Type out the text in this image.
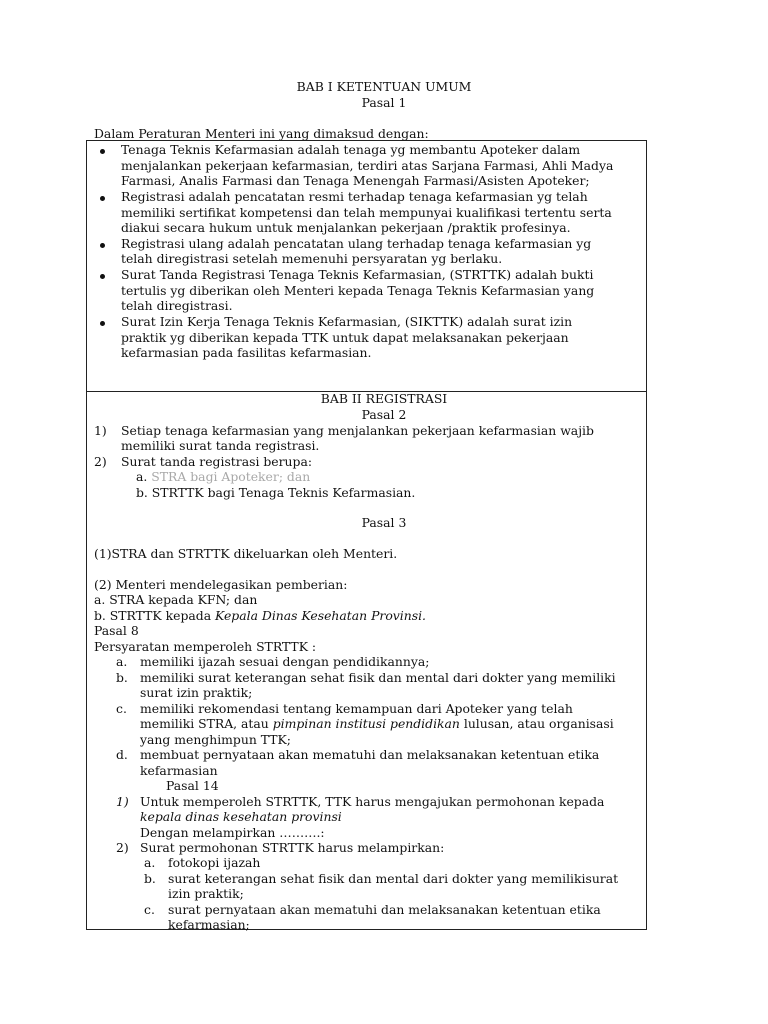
BAB I KETENTUAN UMUM
Pasal 1
Dalam Peraturan Menteri ini yang dimaksud dengan:
Tenaga Teknis Kefarmasian adalah tenaga yg membantu Apoteker dalam
menjalankan pekerjaan kefarmasian, terdiri atas Sarjana Farmasi, Ahli Madya
Farmasi, Analis Farmasi dan Tenaga Menengah Farmasi/Asisten Apoteker;
Registrasi adalah pencatatan resmi terhadap tenaga kefarmasian yg telah
memiliki sertifikat kompetensi dan telah mempunyai kualifikasi tertentu serta
diakui secara hukum untuk menjalankan pekerjaan /praktik profesinya.
Registrasi ulang adalah pencatatan ulang terhadap tenaga kefarmasian yg
telah diregistrasi setelah memenuhi persyaratan yg berlaku.
Surat Tanda Registrasi Tenaga Teknis Kefarmasian, (STRTTK) adalah bukti
tertulis yg diberikan oleh Menteri kepada Tenaga Teknis Kefarmasian yang
telah diregistrasi.
Surat Izin Kerja Tenaga Teknis Kefarmasian, (SIKTTK) adalah surat izin
praktik yg diberikan kepada TTK untuk dapat melaksanakan pekerjaan
kefarmasian pada fasilitas kefarmasian.
BAB II REGISTRASI
Pasal 2
1) Setiap tenaga kefarmasian yang menjalankan pekerjaan kefarmasian wajib
memiliki surat tanda registrasi.
2) Surat tanda registrasi berupa:
a. STRA bagi Apoteker; dan
b. STRTTK bagi Tenaga Teknis Kefarmasian.
Pasal 3
(1)STRA dan STRTTK dikeluarkan oleh Menteri.
(2) Menteri mendelegasikan pemberian:
a. STRA kepada KFN; dan
b. STRTTK kepada Kepala Dinas Kesehatan Provinsi.
Pasal 8
Persyaratan memperoleh STRTTK :
a. memiliki ijazah sesuai dengan pendidikannya;
b. memiliki surat keterangan sehat fisik dan mental dari dokter yang memiliki
surat izin praktik;
c. memiliki rekomendasi tentang kemampuan dari Apoteker yang telah
memiliki STRA, atau pimpinan institusi pendidikan lulusan, atau organisasi
yang menghimpun TTK;
d. membuat pernyataan akan mematuhi dan melaksanakan ketentuan etika
kefarmasian
Pasal 14
1) Untuk memperoleh STRTTK, TTK harus mengajukan permohonan kepada
kepala dinas kesehatan provinsi
Dengan melampirkan ……….:
2) Surat permohonan STRTTK harus melampirkan:
a. fotokopi ijazah
b. surat keterangan sehat fisik dan mental dari dokter yang memilikisurat
izin praktik;
c. surat pernyataan akan mematuhi dan melaksanakan ketentuan etika
kefarmasian;
